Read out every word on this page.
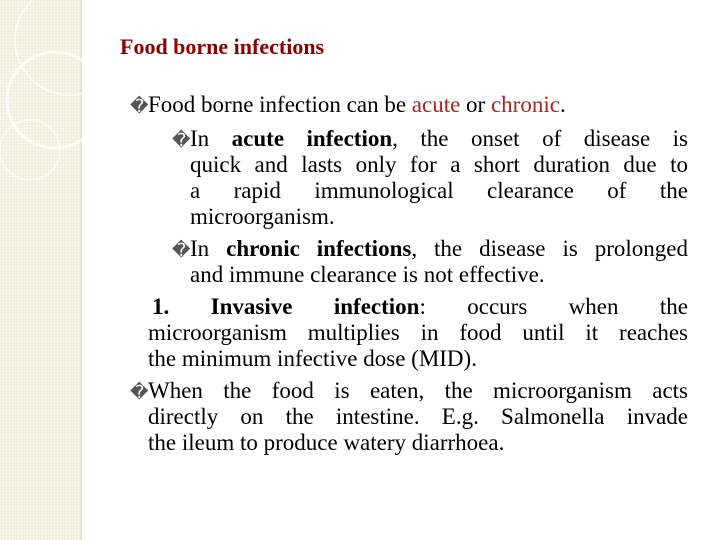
Food borne infections
�Food borne infection can be acute or chronic.
�In acute infection, the onset of disease is
quick and lasts only for a short duration due to
a rapid immunological clearance of the
microorganism.
�In chronic infections, the disease is prolonged
and immune clearance is not effective.
1. Invasive infection: occurs when the
microorganism multiplies in food until it reaches
the minimum infective dose (MID).
�When the food is eaten, the microorganism acts
directly on the intestine. E.g. Salmonella invade
the ileum to produce watery diarrhoea.
